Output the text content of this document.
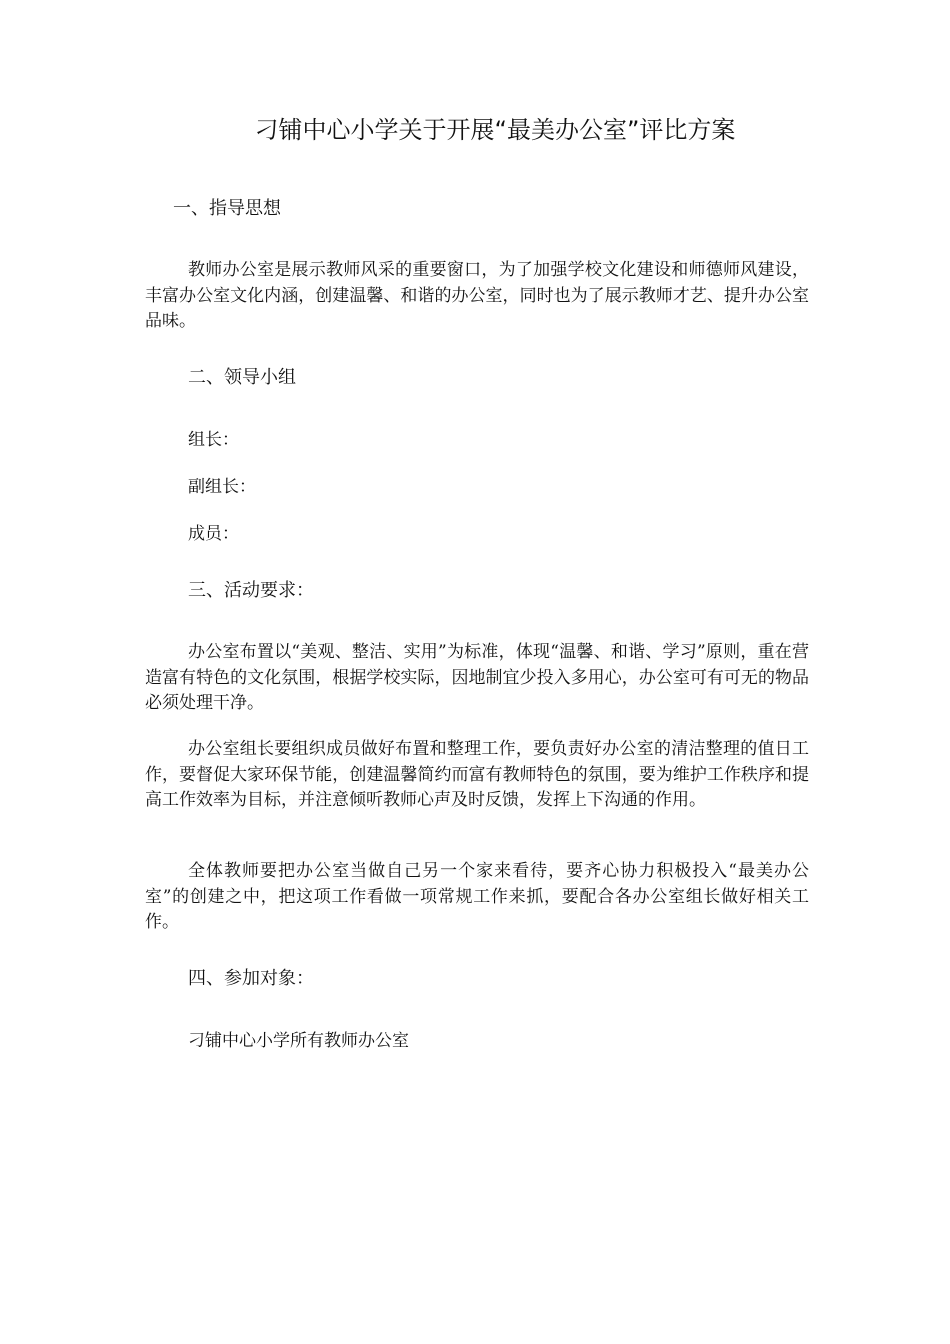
刁铺中心小学关于开展“最美办公室”评比方案
一、指导思想

教师办公室是展示教师风采的重要窗口，为了加强学校文化建设和师德师风建设，丰富办公室文化内涵，创建温馨、和谐的办公室，同时也为了展示教师才艺、提升办公室品味。

二、领导小组

组长：

副组长：

成员：

三、活动要求：

办公室布置以“美观、整洁、实用”为标准，体现“温馨、和谐、学习”原则，重在营造富有特色的文化氛围，根据学校实际，因地制宜少投入多用心，办公室可有可无的物品必须处理干净。

办公室组长要组织成员做好布置和整理工作，要负责好办公室的清洁整理的值日工作，要督促大家环保节能，创建温馨简约而富有教师特色的氛围，要为维护工作秩序和提高工作效率为目标，并注意倾听教师心声及时反馈，发挥上下沟通的作用。

全体教师要把办公室当做自己另一个家来看待，要齐心协力积极投入“最美办公室”的创建之中，把这项工作看做一项常规工作来抓，要配合各办公室组长做好相关工作。

四、参加对象：

刁铺中心小学所有教师办公室
